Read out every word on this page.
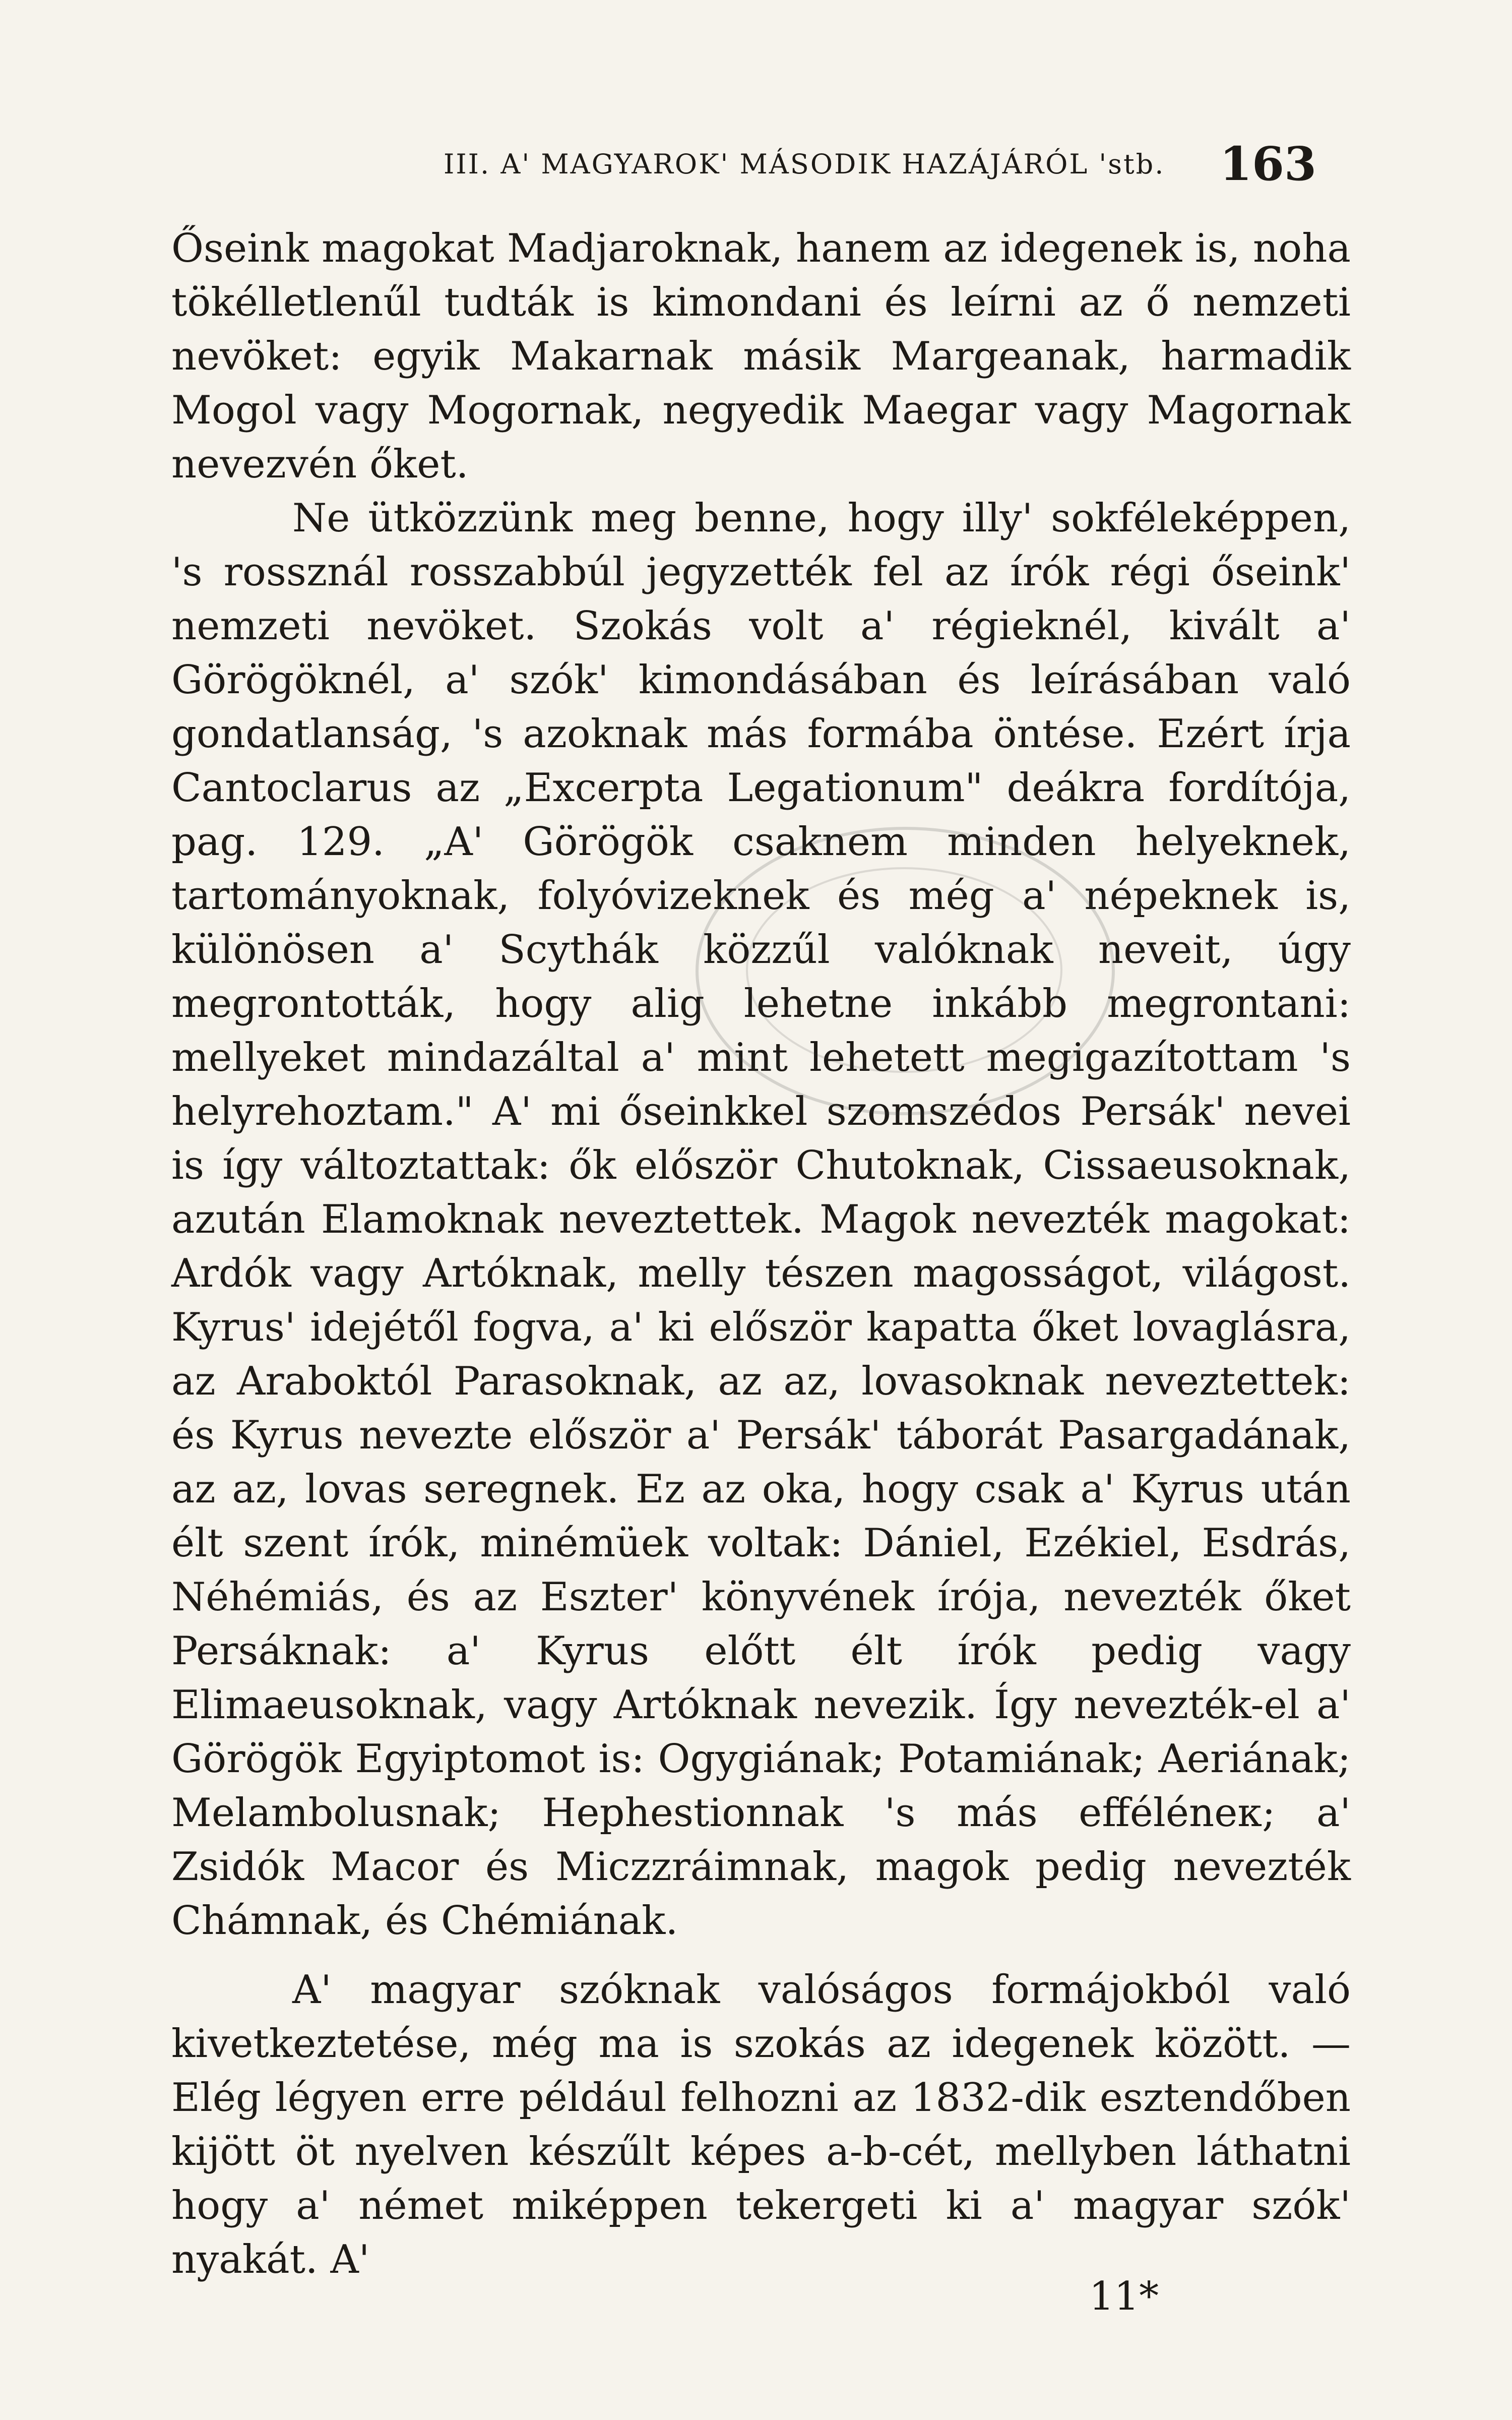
III. A' MAGYAROK' MÁSODIK HAZÁJÁRÓL 'stb.	163

Őseink magokat Madjaroknak, hanem az idegenek is, noha tökélletlenűl tudták is kimondani és leírni az ő nemzeti nevöket: egyik Makarnak másik Margeanak, harmadik Mogol vagy Mogornak, negyedik Maegar vagy Magornak nevezvén őket.

Ne ütközzünk meg benne, hogy illy' sokféleképpen, 's rossznál rosszabbúl jegyzették fel az írók régi őseink' nemzeti nevöket. Szokás volt a' régieknél, kivált a' Görögöknél, a' szók' kimondásában és leírásában való gondatlanság, 's azoknak más formába öntése. Ezért írja Cantoclarus az „Excerpta Legationum" deákra fordítója, pag. 129. „A' Görögök csaknem minden helyeknek, tartományoknak, folyóvizeknek és még a' népeknek is, különösen a' Scythák közzűl valóknak neveit, úgy megrontották, hogy alig lehetne inkább megrontani: mellyeket mindazáltal a' mint lehetett megigazítottam 's helyrehoztam." A' mi őseinkkel szomszédos Persák' nevei is így változtattak: ők először Chutoknak, Cissaeusoknak, azután Elamoknak neveztettek. Magok nevezték magokat: Ardók vagy Artóknak, melly tészen magosságot, világost. Kyrus' idejétől fogva, a' ki először kapatta őket lovaglásra, az Araboktól Parasoknak, az az, lovasoknak neveztettek: és Kyrus nevezte először a' Persák' táborát Pasargadának, az az, lovas seregnek. Ez az oka, hogy csak a' Kyrus után élt szent írók, minémüek voltak: Dániel, Ezékiel, Esdrás, Néhémiás, és az Eszter' könyvének írója, nevezték őket Persáknak: a' Kyrus előtt élt írók pedig vagy Elimaeusoknak, vagy Artóknak nevezik. Így nevezték-el a' Görögök Egyiptomot is: Ogygiának; Potamiának; Aeriának; Melambolusnak; Hephestionnak 's más efféléneк; a' Zsidók Macor és Miczzráimnak, magok pedig nevezték Chámnak, és Chémiának.

A' magyar szóknak valóságos formájokból való kivetkeztetése, még ma is szokás az idegenek között. — Elég légyen erre például felhozni az 1832-dik esztendőben kijött öt nyelven készűlt képes a-b-cét, mellyben láthatni hogy a' német miképpen tekergeti ki a' magyar szók' nyakát. A'

11*
